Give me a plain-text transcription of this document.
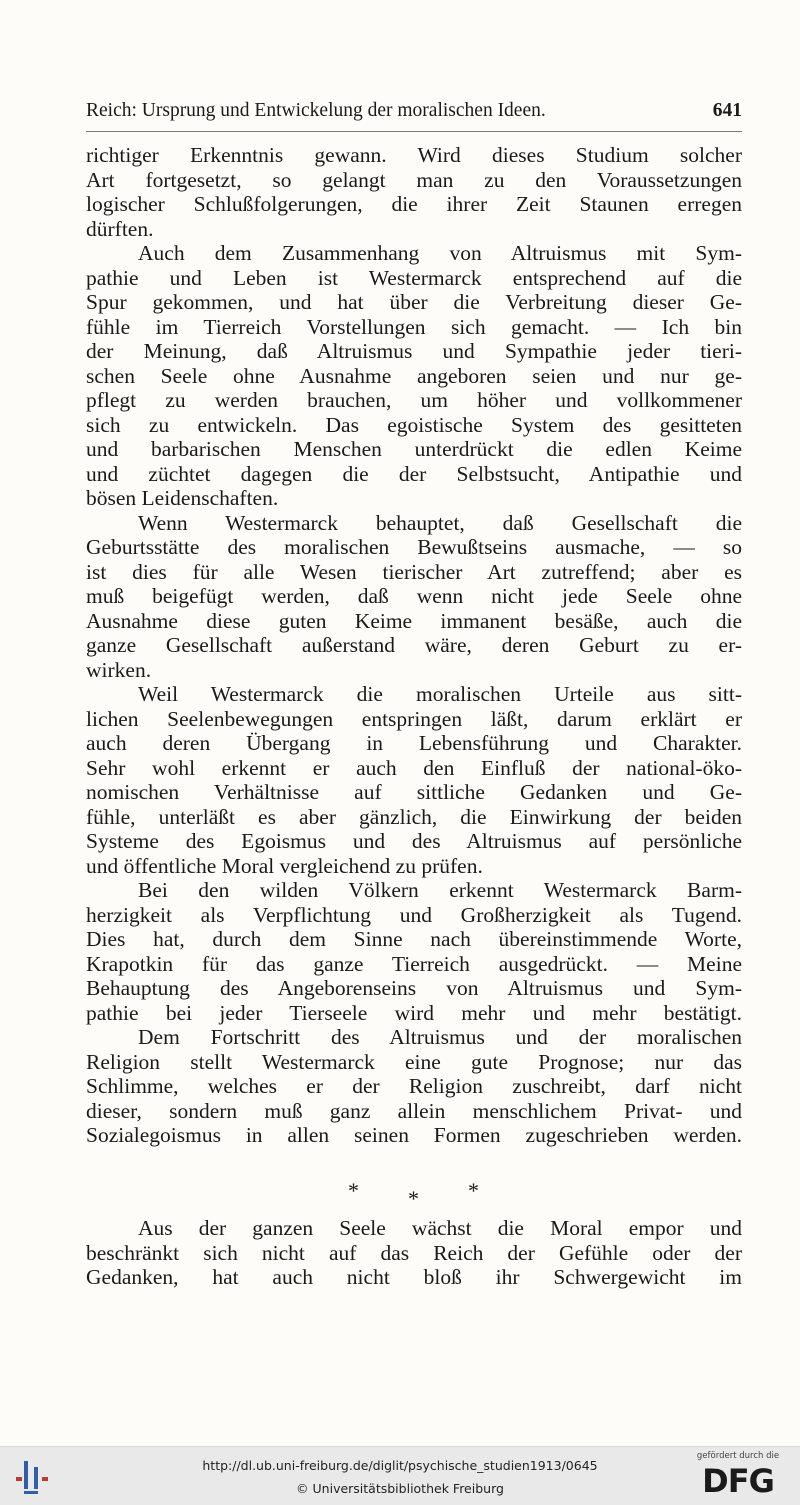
Reich: Ursprung und Entwickelung der moralischen Ideen.	641
richtiger Erkenntnis gewann. Wird dieses Studium solcher
Art fortgesetzt, so gelangt man zu den Voraussetzungen
logischer Schlußfolgerungen, die ihrer Zeit Staunen erregen
dürften.
Auch dem Zusammenhang von Altruismus mit Sym-
pathie und Leben ist Westermarck entsprechend auf die
Spur gekommen, und hat über die Verbreitung dieser Ge-
fühle im Tierreich Vorstellungen sich gemacht. — Ich bin
der Meinung, daß Altruismus und Sympathie jeder tieri-
schen Seele ohne Ausnahme angeboren seien und nur ge-
pflegt zu werden brauchen, um höher und vollkommener
sich zu entwickeln. Das egoistische System des gesitteten
und barbarischen Menschen unterdrückt die edlen Keime
und züchtet dagegen die der Selbstsucht, Antipathie und
bösen Leidenschaften.
Wenn Westermarck behauptet, daß Gesellschaft die
Geburtsstätte des moralischen Bewußtseins ausmache, — so
ist dies für alle Wesen tierischer Art zutreffend; aber es
muß beigefügt werden, daß wenn nicht jede Seele ohne
Ausnahme diese guten Keime immanent besäße, auch die
ganze Gesellschaft außerstand wäre, deren Geburt zu er-
wirken.
Weil Westermarck die moralischen Urteile aus sitt-
lichen Seelenbewegungen entspringen läßt, darum erklärt er
auch deren Übergang in Lebensführung und Charakter.
Sehr wohl erkennt er auch den Einfluß der national-öko-
nomischen Verhältnisse auf sittliche Gedanken und Ge-
fühle, unterläßt es aber gänzlich, die Einwirkung der beiden
Systeme des Egoismus und des Altruismus auf persönliche
und öffentliche Moral vergleichend zu prüfen.
Bei den wilden Völkern erkennt Westermarck Barm-
herzigkeit als Verpflichtung und Großherzigkeit als Tugend.
Dies hat, durch dem Sinne nach übereinstimmende Worte,
Krapotkin für das ganze Tierreich ausgedrückt. — Meine
Behauptung des Angeborenseins von Altruismus und Sym-
pathie bei jeder Tierseele wird mehr und mehr bestätigt.
Dem Fortschritt des Altruismus und der moralischen
Religion stellt Westermarck eine gute Prognose; nur das
Schlimme, welches er der Religion zuschreibt, darf nicht
dieser, sondern muß ganz allein menschlichem Privat- und
Sozialegoismus in allen seinen Formen zugeschrieben werden.
* * *
Aus der ganzen Seele wächst die Moral empor und
beschränkt sich nicht auf das Reich der Gefühle oder der
Gedanken, hat auch nicht bloß ihr Schwergewicht im
http://dl.ub.uni-freiburg.de/diglit/psychische_studien1913/0645
© Universitätsbibliothek Freiburg
gefördert durch die
DFG
